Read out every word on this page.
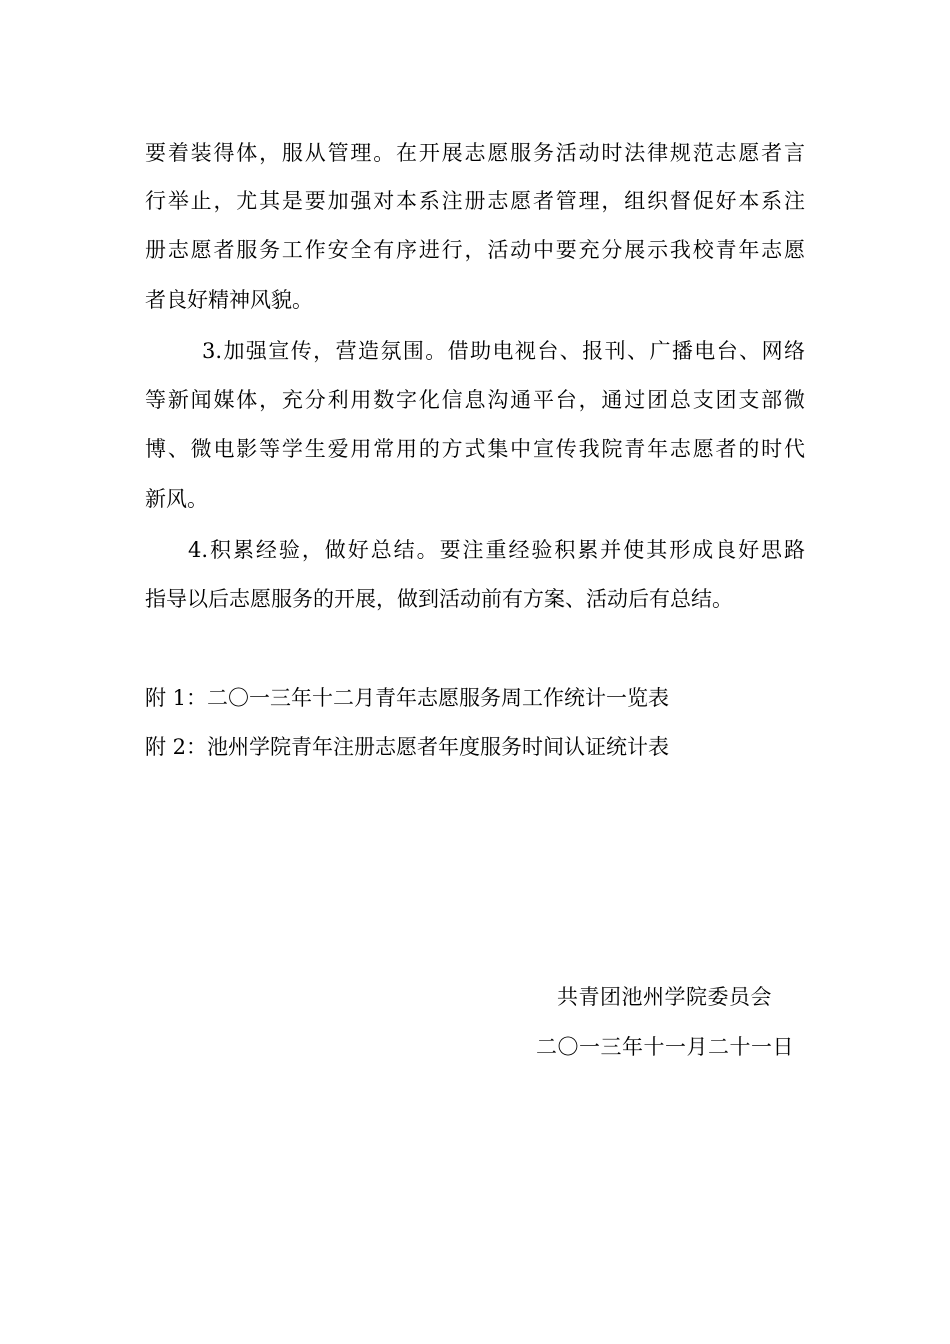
要着装得体，服从管理。在开展志愿服务活动时法律规范志愿者言
行举止，尤其是要加强对本系注册志愿者管理，组织督促好本系注
册志愿者服务工作安全有序进行，活动中要充分展示我校青年志愿
者良好精神风貌。
3.加强宣传，营造氛围。借助电视台、报刊、广播电台、网络
等新闻媒体，充分利用数字化信息沟通平台，通过团总支团支部微
博、微电影等学生爱用常用的方式集中宣传我院青年志愿者的时代
新风。
4.积累经验，做好总结。要注重经验积累并使其形成良好思路
指导以后志愿服务的开展，做到活动前有方案、活动后有总结。
附 1：二〇一三年十二月青年志愿服务周工作统计一览表
附 2：池州学院青年注册志愿者年度服务时间认证统计表
共青团池州学院委员会
二〇一三年十一月二十一日
